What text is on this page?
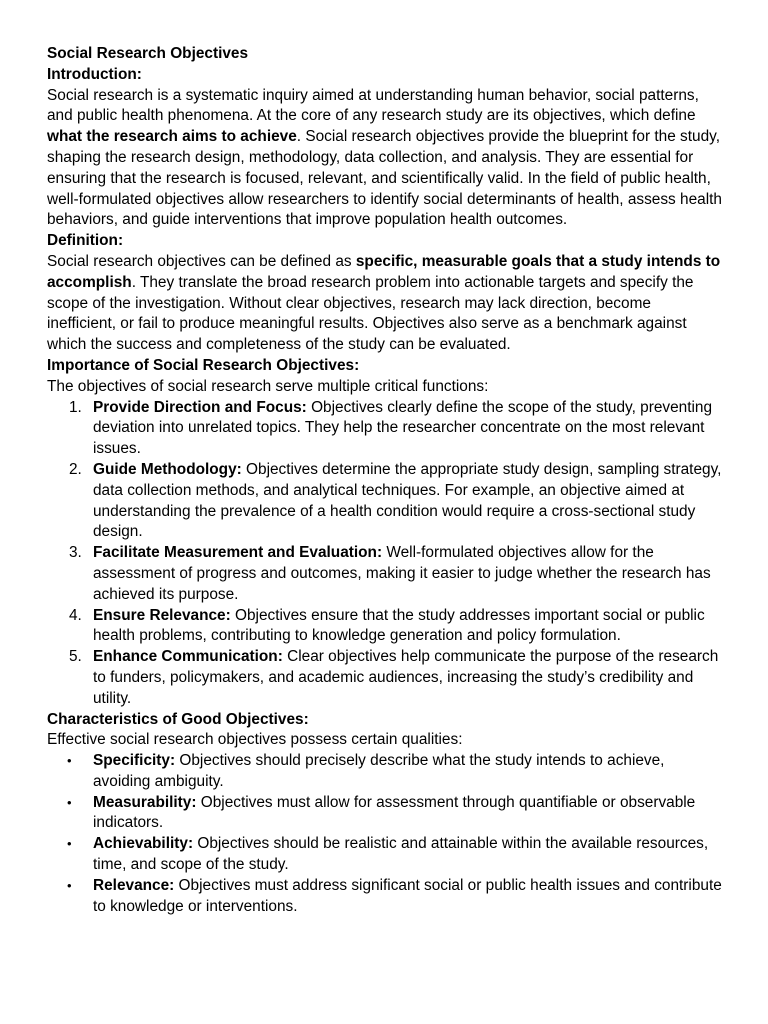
Social Research Objectives

Introduction:

Social research is a systematic inquiry aimed at understanding human behavior, social patterns, and public health phenomena. At the core of any research study are its objectives, which define what the research aims to achieve. Social research objectives provide the blueprint for the study, shaping the research design, methodology, data collection, and analysis. They are essential for ensuring that the research is focused, relevant, and scientifically valid. In the field of public health, well-formulated objectives allow researchers to identify social determinants of health, assess health behaviors, and guide interventions that improve population health outcomes.

Definition:

Social research objectives can be defined as specific, measurable goals that a study intends to accomplish. They translate the broad research problem into actionable targets and specify the scope of the investigation. Without clear objectives, research may lack direction, become inefficient, or fail to produce meaningful results. Objectives also serve as a benchmark against which the success and completeness of the study can be evaluated.

Importance of Social Research Objectives:

The objectives of social research serve multiple critical functions:

1. Provide Direction and Focus: Objectives clearly define the scope of the study, preventing deviation into unrelated topics. They help the researcher concentrate on the most relevant issues.
2. Guide Methodology: Objectives determine the appropriate study design, sampling strategy, data collection methods, and analytical techniques. For example, an objective aimed at understanding the prevalence of a health condition would require a cross-sectional study design.
3. Facilitate Measurement and Evaluation: Well-formulated objectives allow for the assessment of progress and outcomes, making it easier to judge whether the research has achieved its purpose.
4. Ensure Relevance: Objectives ensure that the study addresses important social or public health problems, contributing to knowledge generation and policy formulation.
5. Enhance Communication: Clear objectives help communicate the purpose of the research to funders, policymakers, and academic audiences, increasing the study’s credibility and utility.

Characteristics of Good Objectives:

Effective social research objectives possess certain qualities:

• Specificity: Objectives should precisely describe what the study intends to achieve, avoiding ambiguity.
• Measurability: Objectives must allow for assessment through quantifiable or observable indicators.
• Achievability: Objectives should be realistic and attainable within the available resources, time, and scope of the study.
• Relevance: Objectives must address significant social or public health issues and contribute to knowledge or interventions.
